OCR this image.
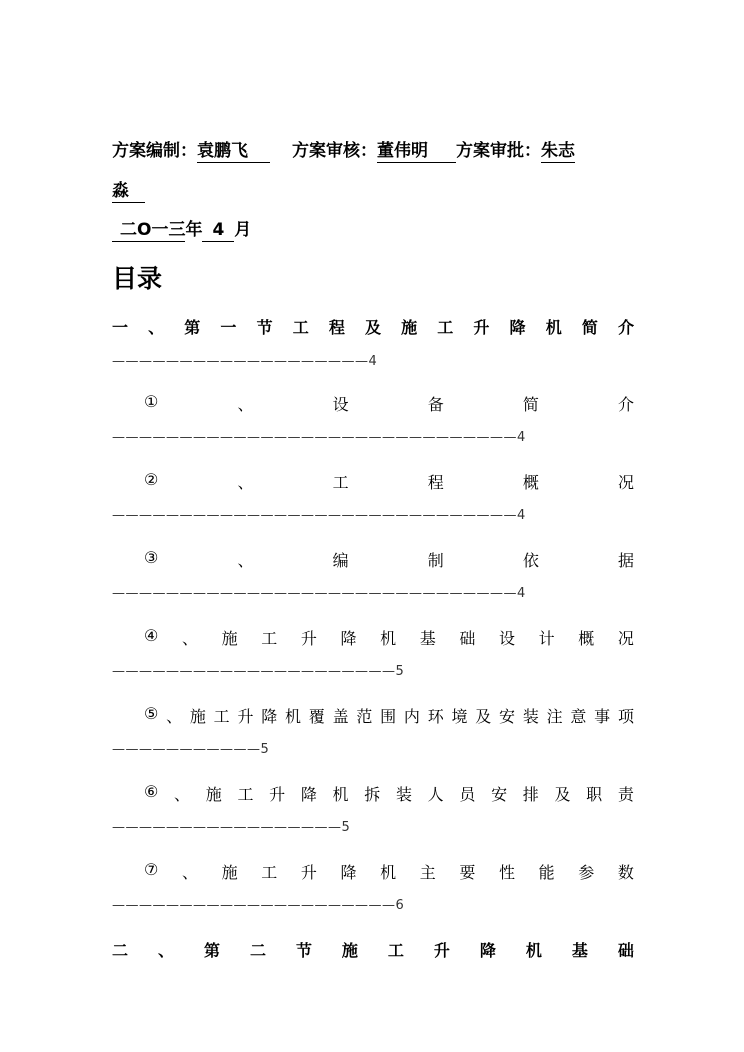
方案编制：袁鹏飞	方案审核：董伟明 方案审批：朱志
淼
二O一三年 4 月
目录
一 、 第 一 节 工 程 及 施 工 升 降 机 简 介
———————————————————4
①	、	设	备	简	介
——————————————————————————————4
②	、	工	程	概	况
——————————————————————————————4
③	、	编	制	依	据
——————————————————————————————4
④ 、 施 工 升 降 机 基 础 设 计 概 况
—————————————————————5
⑤ 、 施 工 升 降 机 覆 盖 范 围 内 环 境 及 安 装 注 意 事 项
———————————5
⑥ 、 施 工 升 降 机 拆 装 人 员 安 排 及 职 责
—————————————————5
⑦ 、 施 工 升 降 机 主 要 性 能 参 数
—————————————————————6
二 、 第 二 节 施 工 升 降 机 基 础
